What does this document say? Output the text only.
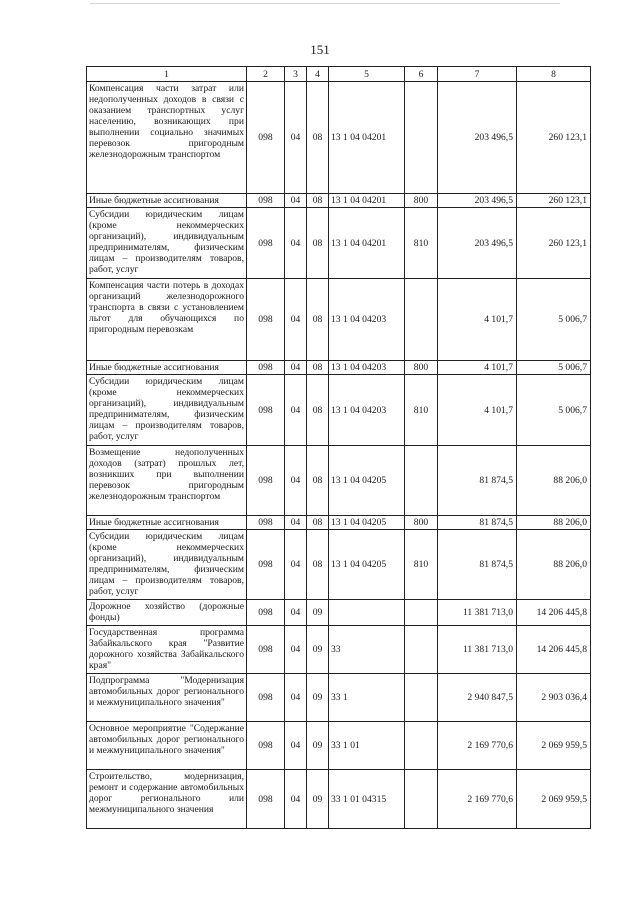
151
1	2	3	4	5	6	7	8
Компенсация части затрат или недополученных доходов в связи с оказанием транспортных услуг населению, возникающих при выполнении социально значимых перевозок пригородным железнодорожным транспортом	098	04	08	13 1 04 04201		203 496,5	260 123,1
Иные бюджетные ассигнования	098	04	08	13 1 04 04201	800	203 496,5	260 123,1
Субсидии юридическим лицам (кроме некоммерческих организаций), индивидуальным предпринимателям, физическим лицам – производителям товаров, работ, услуг	098	04	08	13 1 04 04201	810	203 496,5	260 123,1
Компенсация части потерь в доходах организаций железнодорожного транспорта в связи с установлением льгот для обучающихся по пригородным перевозкам	098	04	08	13 1 04 04203		4 101,7	5 006,7
Иные бюджетные ассигнования	098	04	08	13 1 04 04203	800	4 101,7	5 006,7
Субсидии юридическим лицам (кроме некоммерческих организаций), индивидуальным предпринимателям, физическим лицам – производителям товаров, работ, услуг	098	04	08	13 1 04 04203	810	4 101,7	5 006,7
Возмещение недополученных доходов (затрат) прошлых лет, возникших при выполнении перевозок пригородным железнодорожным транспортом	098	04	08	13 1 04 04205		81 874,5	88 206,0
Иные бюджетные ассигнования	098	04	08	13 1 04 04205	800	81 874,5	88 206,0
Субсидии юридическим лицам (кроме некоммерческих организаций), индивидуальным предпринимателям, физическим лицам – производителям товаров, работ, услуг	098	04	08	13 1 04 04205	810	81 874,5	88 206,0
Дорожное хозяйство (дорожные фонды)	098	04	09			11 381 713,0	14 206 445,8
Государственная программа Забайкальского края "Развитие дорожного хозяйства Забайкальского края"	098	04	09	33		11 381 713,0	14 206 445,8
Подпрограмма "Модернизация автомобильных дорог регионального и межмуниципального значения"	098	04	09	33 1		2 940 847,5	2 903 036,4
Основное мероприятие "Содержание автомобильных дорог регионального и межмуниципального значения"	098	04	09	33 1 01		2 169 770,6	2 069 959,5
Строительство, модернизация, ремонт и содержание автомобильных дорог регионального или межмуниципального значения	098	04	09	33 1 01 04315		2 169 770,6	2 069 959,5
